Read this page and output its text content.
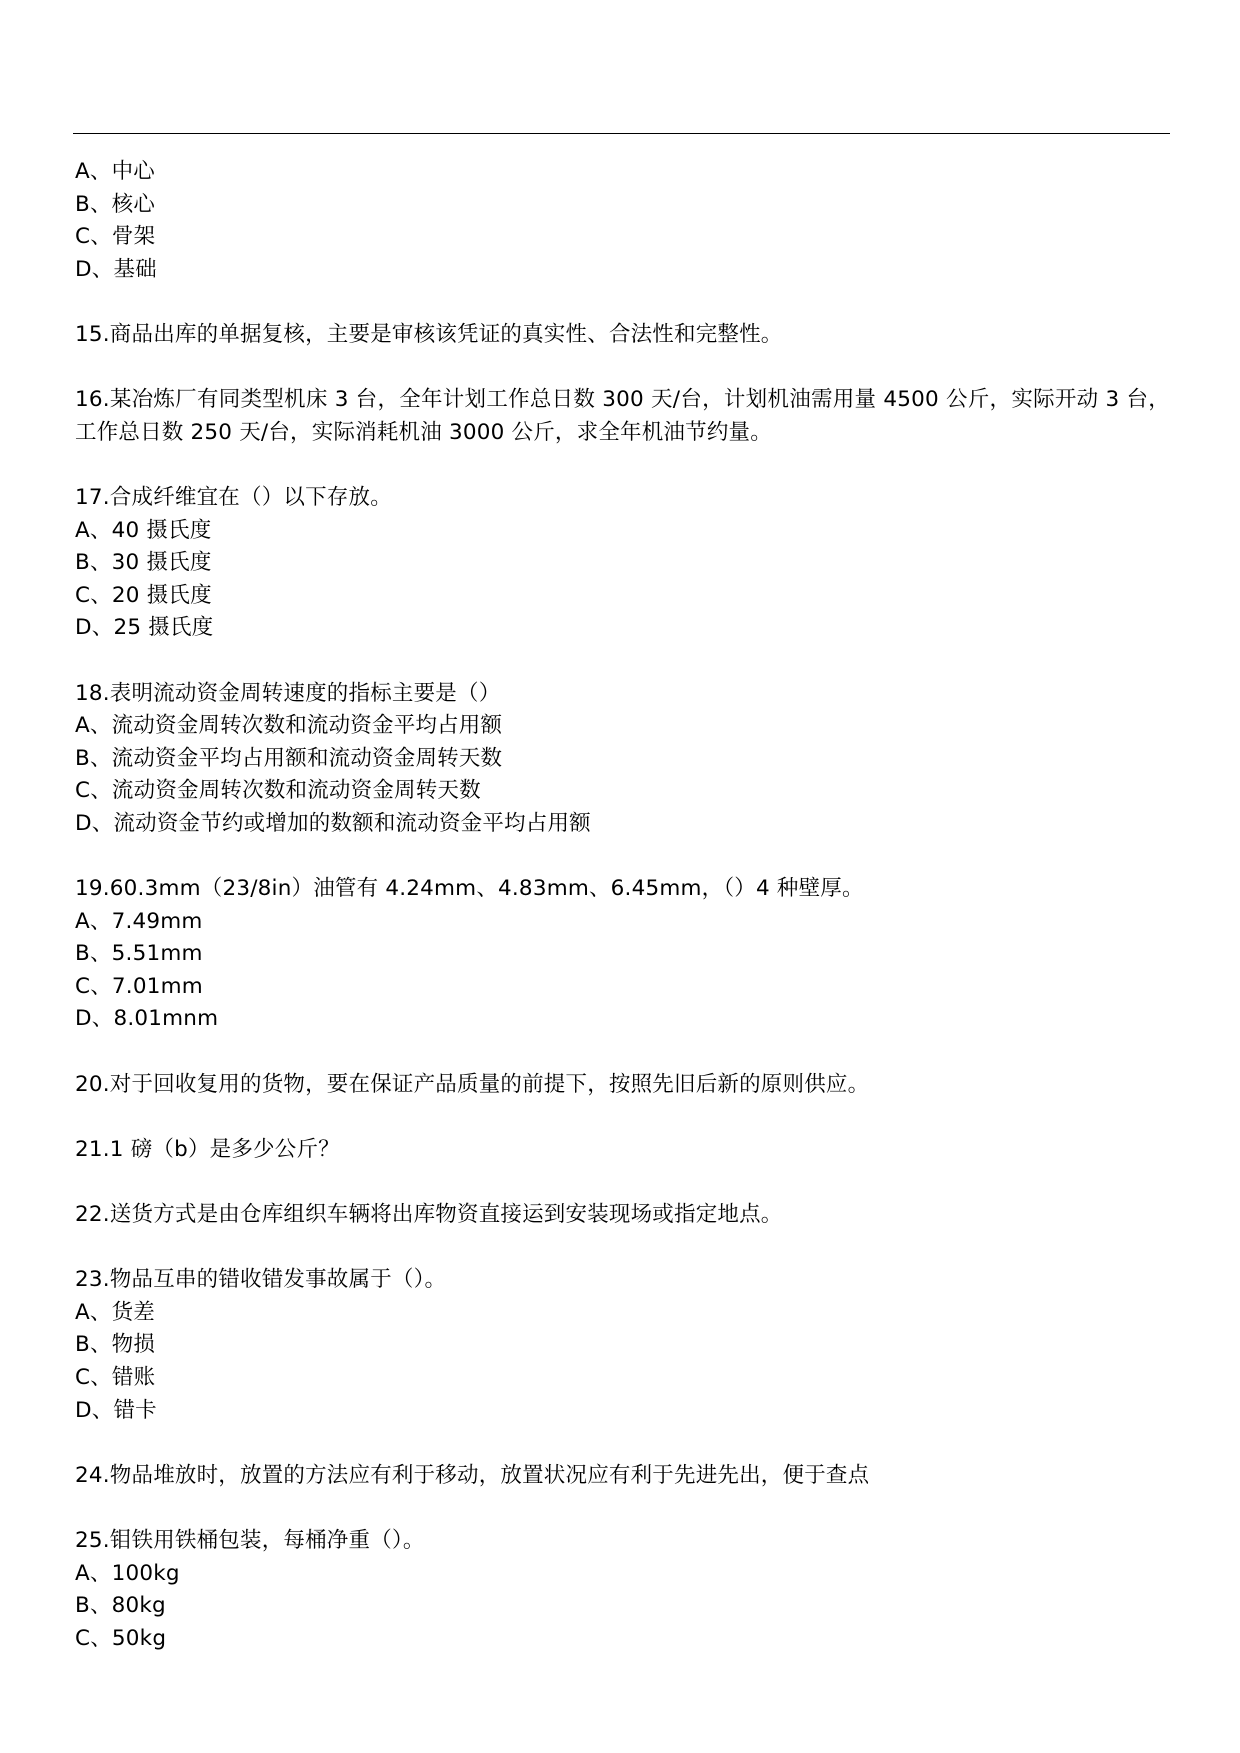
A、中心
B、核心
C、骨架
D、基础
15.商品出库的单据复核，主要是审核该凭证的真实性、合法性和完整性。
16.某冶炼厂有同类型机床 3 台，全年计划工作总日数 300 天/台，计划机油需用量 4500 公斤，实际开动 3 台，工作总日数 250 天/台，实际消耗机油 3000 公斤，求全年机油节约量。
17.合成纤维宜在（）以下存放。
A、40 摄氏度
B、30 摄氏度
C、20 摄氏度
D、25 摄氏度
18.表明流动资金周转速度的指标主要是（）
A、流动资金周转次数和流动资金平均占用额
B、流动资金平均占用额和流动资金周转天数
C、流动资金周转次数和流动资金周转天数
D、流动资金节约或增加的数额和流动资金平均占用额
19.60.3mm（23/8in）油管有 4.24mm、4.83mm、6.45mm，（）4 种壁厚。
A、7.49mm
B、5.51mm
C、7.01mm
D、8.01mnm
20.对于回收复用的货物，要在保证产品质量的前提下，按照先旧后新的原则供应。
21.1 磅（b）是多少公斤？
22.送货方式是由仓库组织车辆将出库物资直接运到安装现场或指定地点。
23.物品互串的错收错发事故属于（）。
A、货差
B、物损
C、错账
D、错卡
24.物品堆放时，放置的方法应有利于移动，放置状况应有利于先进先出，便于查点
25.钼铁用铁桶包装，每桶净重（）。
A、100kg
B、80kg
C、50kg
